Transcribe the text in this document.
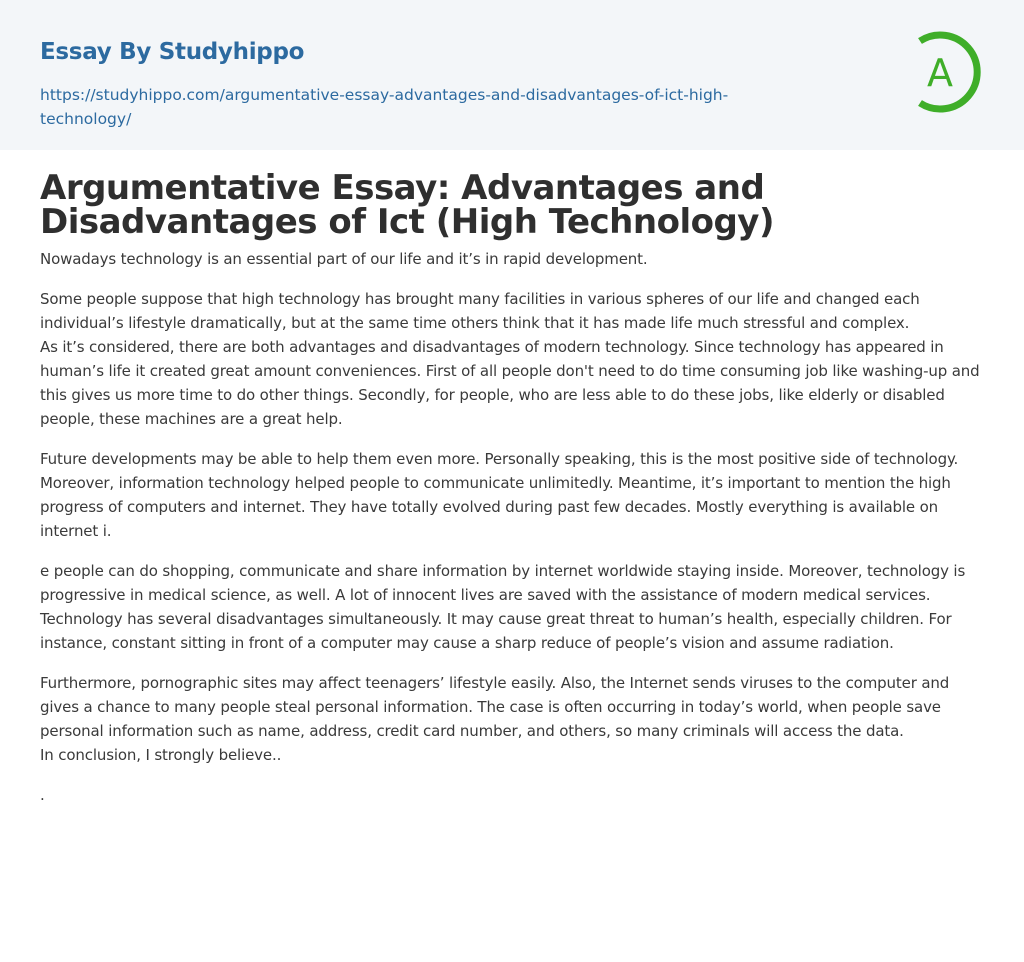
Essay By Studyhippo
https://studyhippo.com/argumentative-essay-advantages-and-disadvantages-of-ict-high-technology/
A
Argumentative Essay: Advantages and Disadvantages of Ict (High Technology)

Nowadays technology is an essential part of our life and it’s in rapid development.

Some people suppose that high technology has brought many facilities in various spheres of our life and changed each individual’s lifestyle dramatically, but at the same time others think that it has made life much stressful and complex.

As it’s considered, there are both advantages and disadvantages of modern technology. Since technology has appeared in human’s life it created great amount conveniences. First of all people don't need to do time consuming job like washing-up and this gives us more time to do other things. Secondly, for people, who are less able to do these jobs, like elderly or disabled people, these machines are a great help.

Future developments may be able to help them even more. Personally speaking, this is the most positive side of technology. Moreover, information technology helped people to communicate unlimitedly. Meantime, it’s important to mention the high progress of computers and internet. They have totally evolved during past few decades. Mostly everything is available on internet i.

e people can do shopping, communicate and share information by internet worldwide staying inside. Moreover, technology is progressive in medical science, as well. A lot of innocent lives are saved with the assistance of modern medical services.

Technology has several disadvantages simultaneously. It may cause great threat to human’s health, especially children. For instance, constant sitting in front of a computer may cause a sharp reduce of people’s vision and assume radiation.

Furthermore, pornographic sites may affect teenagers’ lifestyle easily. Also, the Internet sends viruses to the computer and gives a chance to many people steal personal information. The case is often occurring in today’s world, when people save personal information such as name, address, credit card number, and others, so many criminals will access the data.

In conclusion, I strongly believe..

.
